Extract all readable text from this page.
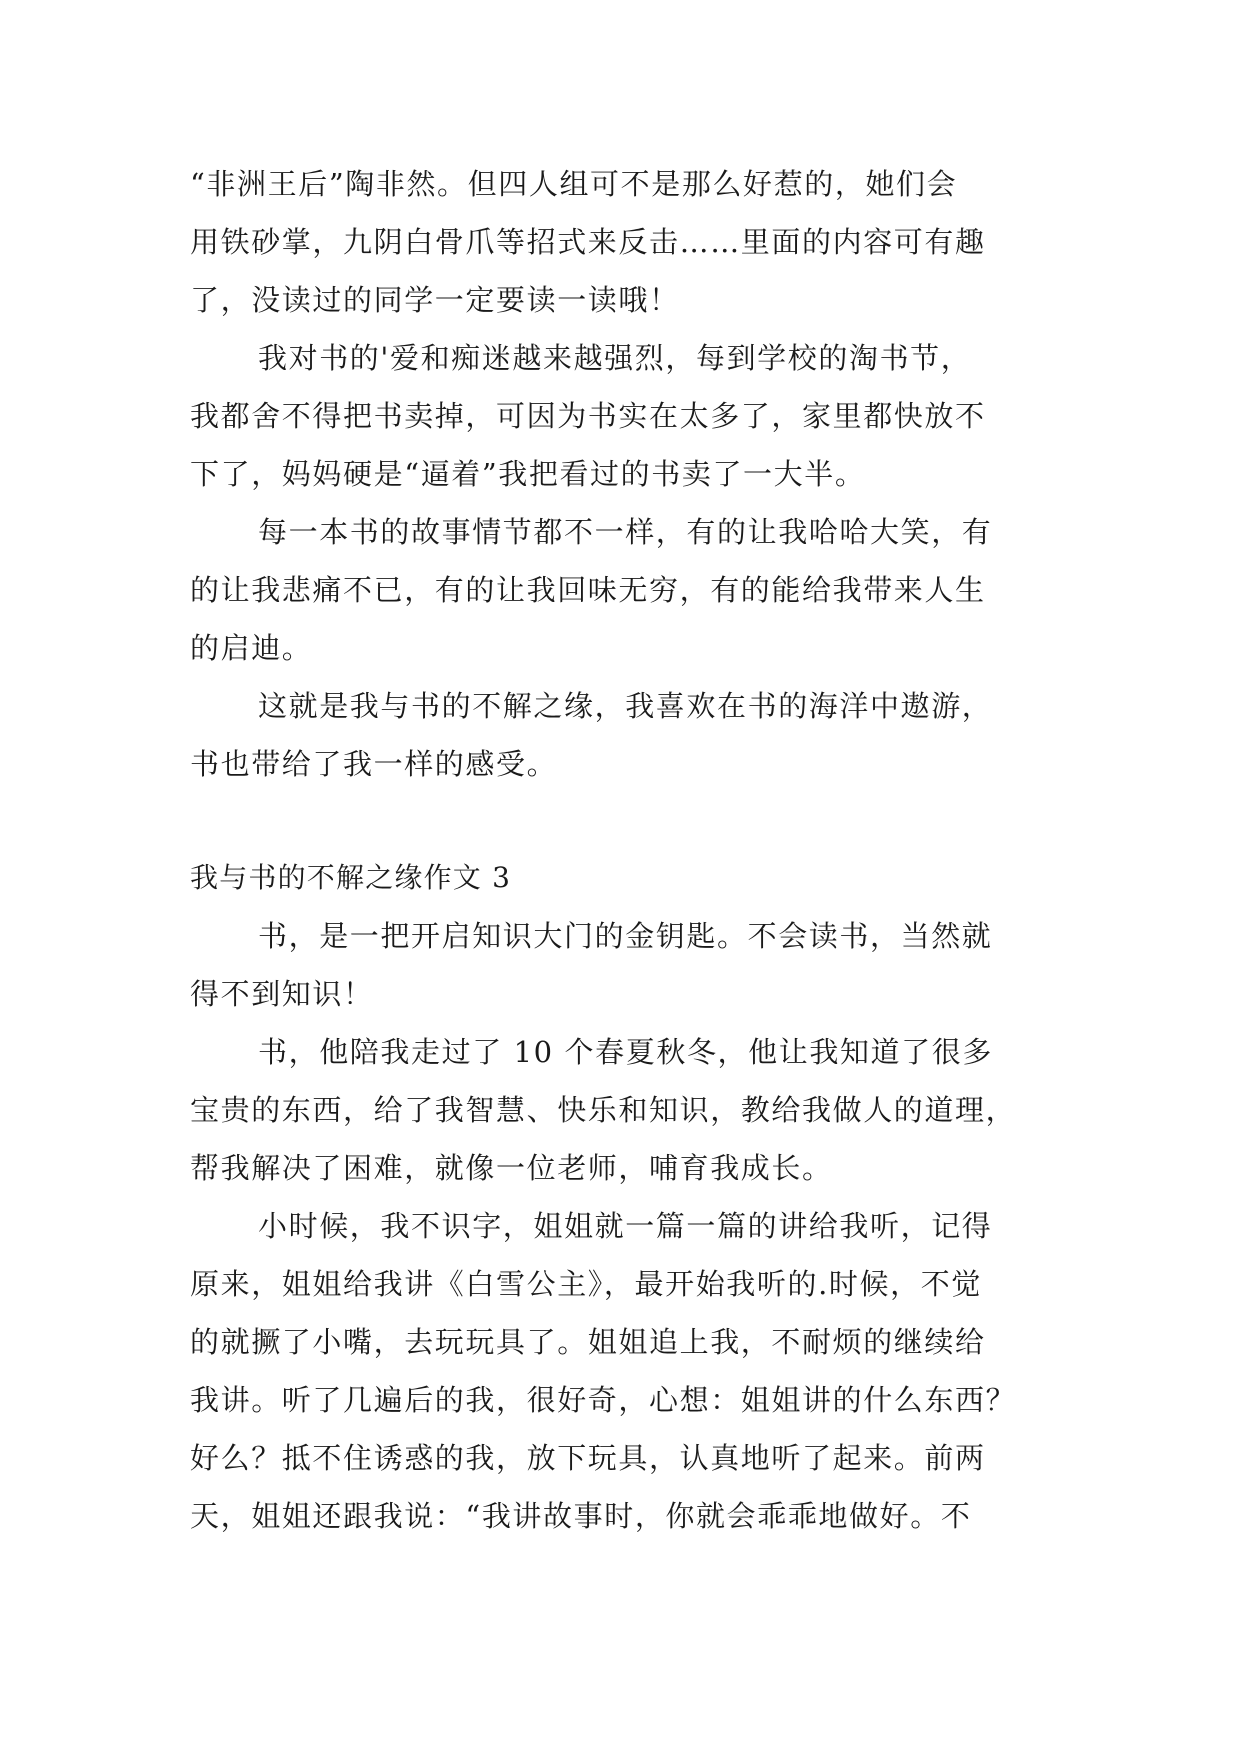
“非洲王后”陶非然。但四人组可不是那么好惹的，她们会
用铁砂掌，九阴白骨爪等招式来反击……里面的内容可有趣
了，没读过的同学一定要读一读哦！
我对书的'爱和痴迷越来越强烈，每到学校的淘书节，
我都舍不得把书卖掉，可因为书实在太多了，家里都快放不
下了，妈妈硬是“逼着”我把看过的书卖了一大半。
每一本书的故事情节都不一样，有的让我哈哈大笑，有
的让我悲痛不已，有的让我回味无穷，有的能给我带来人生
的启迪。
这就是我与书的不解之缘，我喜欢在书的海洋中遨游，
书也带给了我一样的感受。
我与书的不解之缘作文 3
书，是一把开启知识大门的金钥匙。不会读书，当然就
得不到知识！
书，他陪我走过了 10 个春夏秋冬，他让我知道了很多
宝贵的东西，给了我智慧、快乐和知识，教给我做人的道理，
帮我解决了困难，就像一位老师，哺育我成长。
小时候，我不识字，姐姐就一篇一篇的讲给我听，记得
原来，姐姐给我讲《白雪公主》，最开始我听的.时候，不觉
的就撅了小嘴，去玩玩具了。姐姐追上我，不耐烦的继续给
我讲。听了几遍后的我，很好奇，心想：姐姐讲的什么东西？
好么？抵不住诱惑的我，放下玩具，认真地听了起来。前两
天，姐姐还跟我说：“我讲故事时，你就会乖乖地做好。不
